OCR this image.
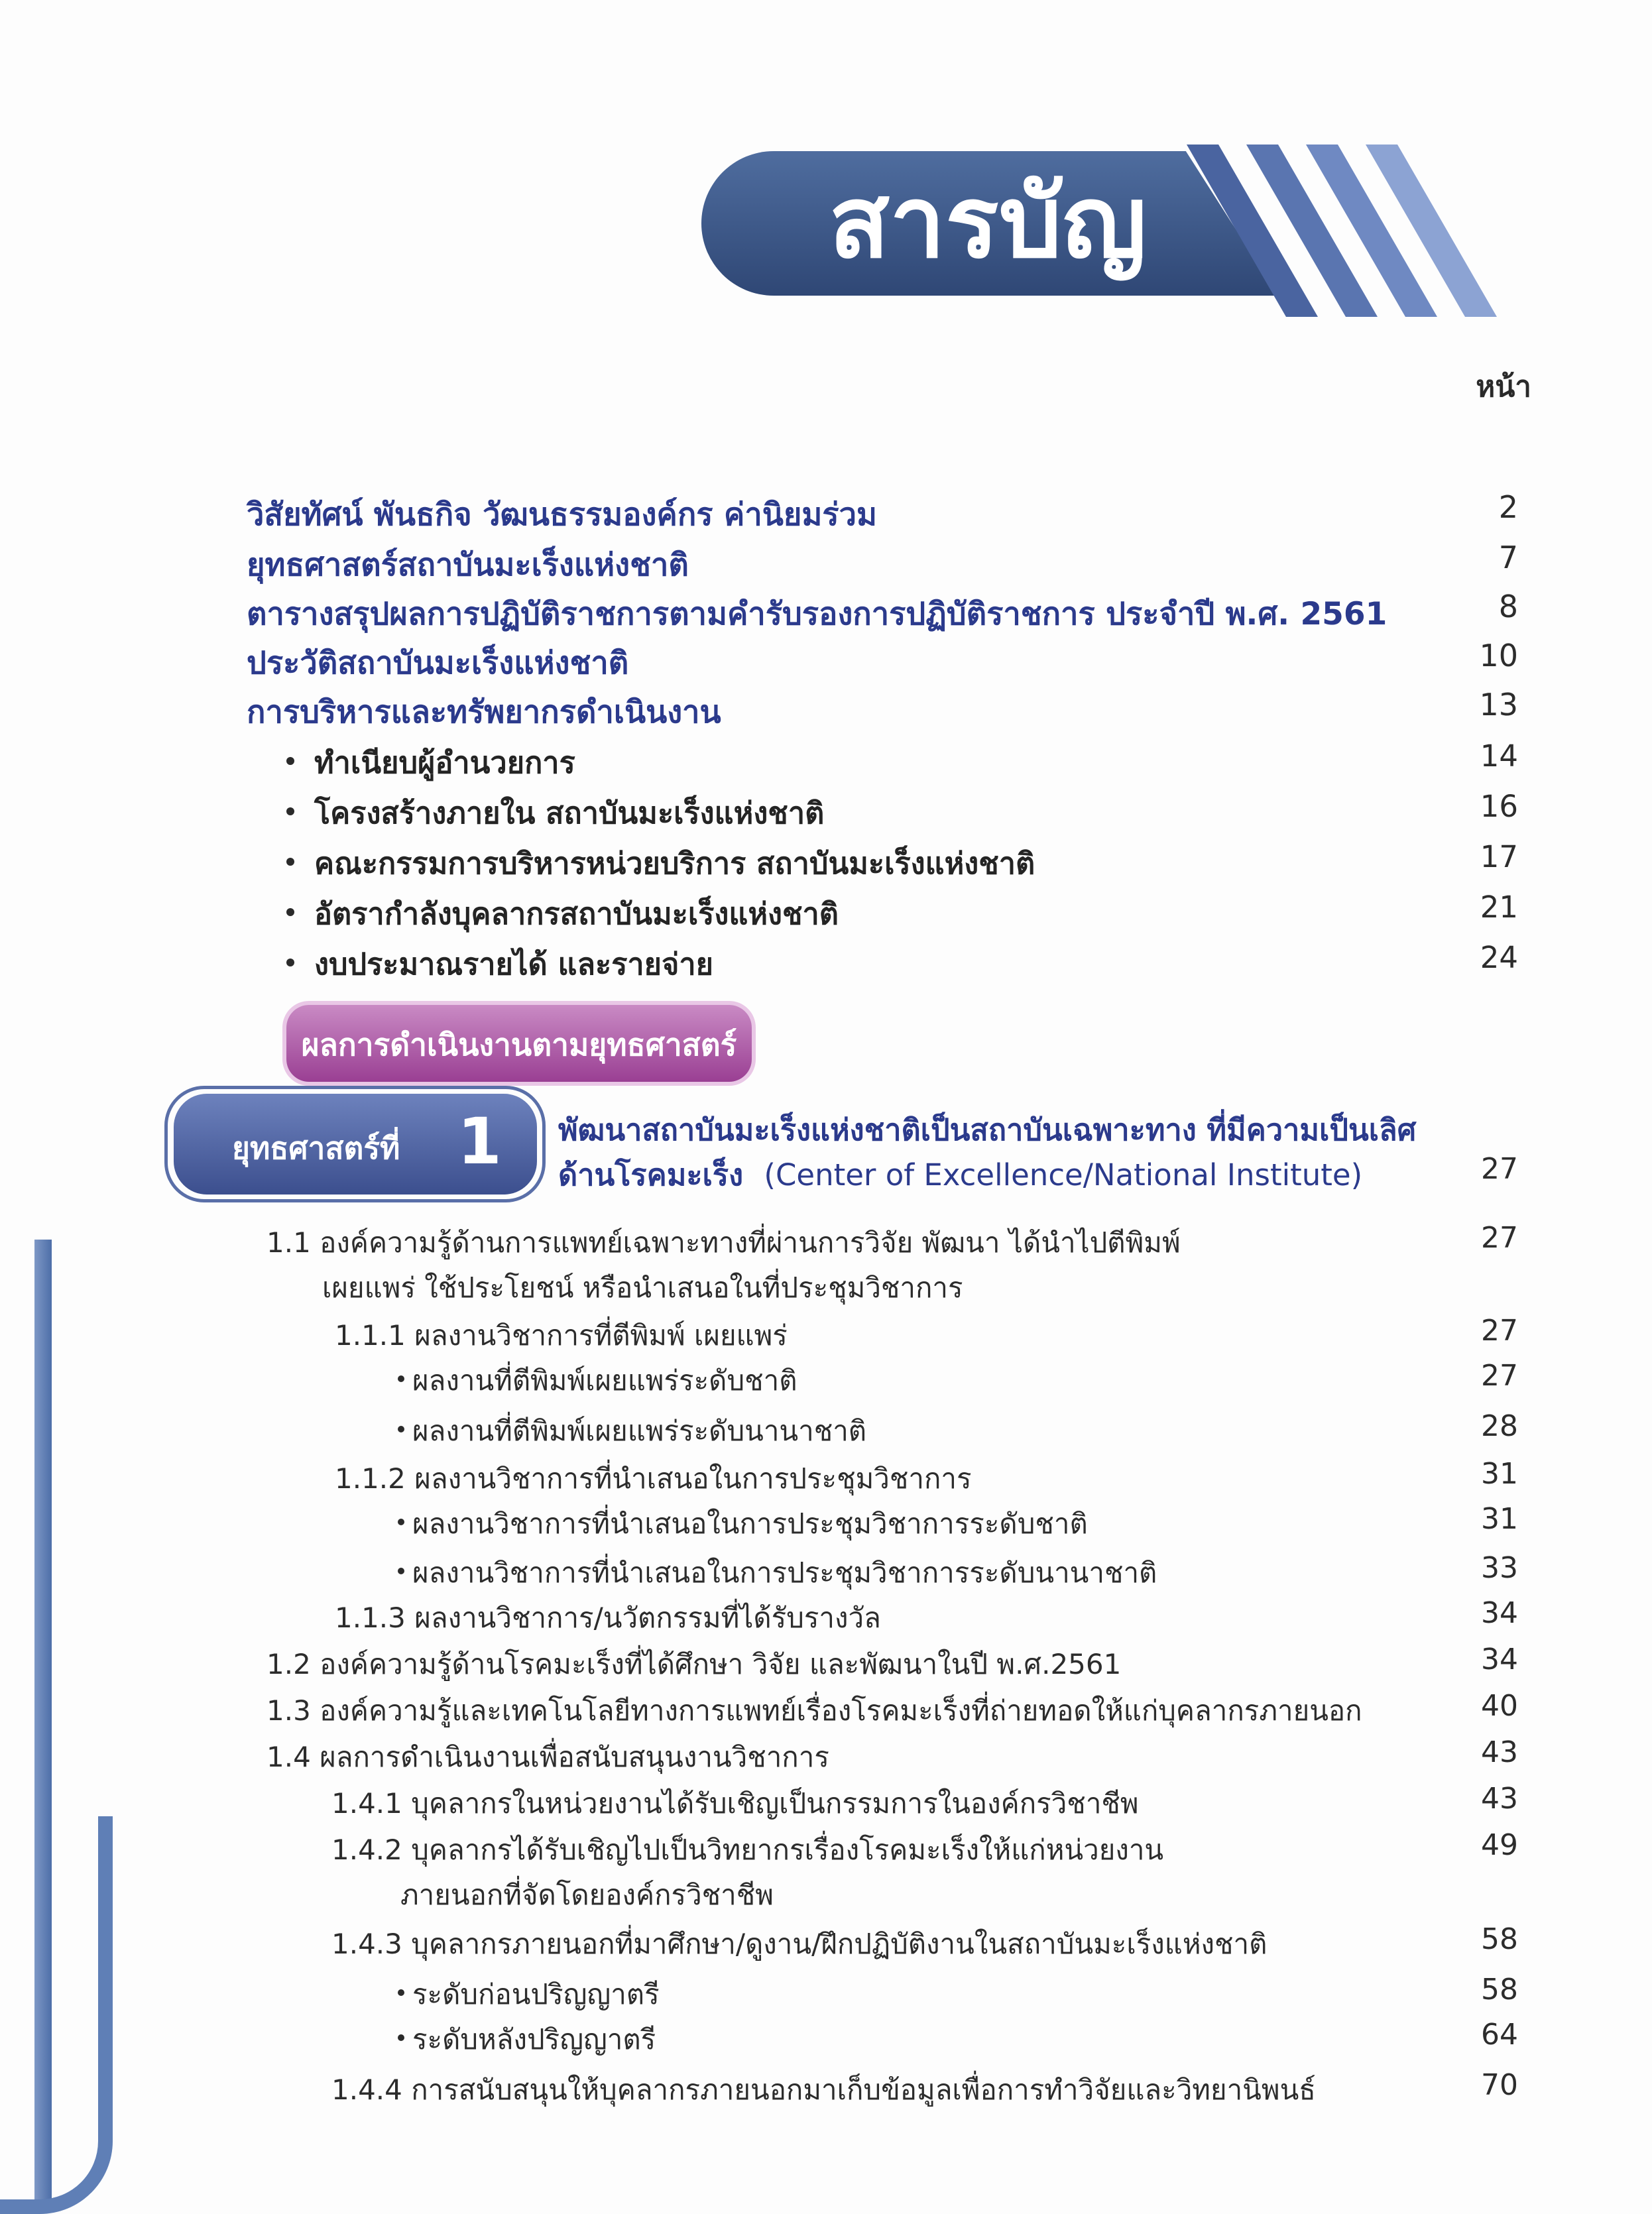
สารบัญ
หน้า
วิสัยทัศน์ พันธกิจ วัฒนธรรมองค์กร ค่านิยมร่วม	2
ยุทธศาสตร์สถาบันมะเร็งแห่งชาติ	7
ตารางสรุปผลการปฏิบัติราชการตามคำรับรองการปฏิบัติราชการ ประจำปี พ.ศ. 2561	8
ประวัติสถาบันมะเร็งแห่งชาติ	10
การบริหารและทรัพยากรดำเนินงาน	13
ทำเนียบผู้อำนวยการ	14
โครงสร้างภายใน สถาบันมะเร็งแห่งชาติ	16
คณะกรรมการบริหารหน่วยบริการ สถาบันมะเร็งแห่งชาติ	17
อัตรากำลังบุคลากรสถาบันมะเร็งแห่งชาติ	21
งบประมาณรายได้ และรายจ่าย	24
ผลการดำเนินงานตามยุทธศาสตร์
ยุทธศาสตร์ที่ 1 พัฒนาสถาบันมะเร็งแห่งชาติเป็นสถาบันเฉพาะทาง ที่มีความเป็นเลิศ
ด้านโรคมะเร็ง (Center of Excellence/National Institute)	27
1.1 องค์ความรู้ด้านการแพทย์เฉพาะทางที่ผ่านการวิจัย พัฒนา ได้นำไปตีพิมพ์	27
เผยแพร่ ใช้ประโยชน์ หรือนำเสนอในที่ประชุมวิชาการ
1.1.1 ผลงานวิชาการที่ตีพิมพ์ เผยแพร่	27
ผลงานที่ตีพิมพ์เผยแพร่ระดับชาติ	27
ผลงานที่ตีพิมพ์เผยแพร่ระดับนานาชาติ	28
1.1.2 ผลงานวิชาการที่นำเสนอในการประชุมวิชาการ	31
ผลงานวิชาการที่นำเสนอในการประชุมวิชาการระดับชาติ	31
ผลงานวิชาการที่นำเสนอในการประชุมวิชาการระดับนานาชาติ	33
1.1.3 ผลงานวิชาการ/นวัตกรรมที่ได้รับรางวัล	34
1.2 องค์ความรู้ด้านโรคมะเร็งที่ได้ศึกษา วิจัย และพัฒนาในปี พ.ศ.2561	34
1.3 องค์ความรู้และเทคโนโลยีทางการแพทย์เรื่องโรคมะเร็งที่ถ่ายทอดให้แก่บุคลากรภายนอก	40
1.4 ผลการดำเนินงานเพื่อสนับสนุนงานวิชาการ	43
1.4.1 บุคลากรในหน่วยงานได้รับเชิญเป็นกรรมการในองค์กรวิชาชีพ	43
1.4.2 บุคลากรได้รับเชิญไปเป็นวิทยากรเรื่องโรคมะเร็งให้แก่หน่วยงาน	49
ภายนอกที่จัดโดยองค์กรวิชาชีพ
1.4.3 บุคลากรภายนอกที่มาศึกษา/ดูงาน/ฝึกปฏิบัติงานในสถาบันมะเร็งแห่งชาติ	58
ระดับก่อนปริญญาตรี	58
ระดับหลังปริญญาตรี	64
1.4.4 การสนับสนุนให้บุคลากรภายนอกมาเก็บข้อมูลเพื่อการทำวิจัยและวิทยานิพนธ์	70
